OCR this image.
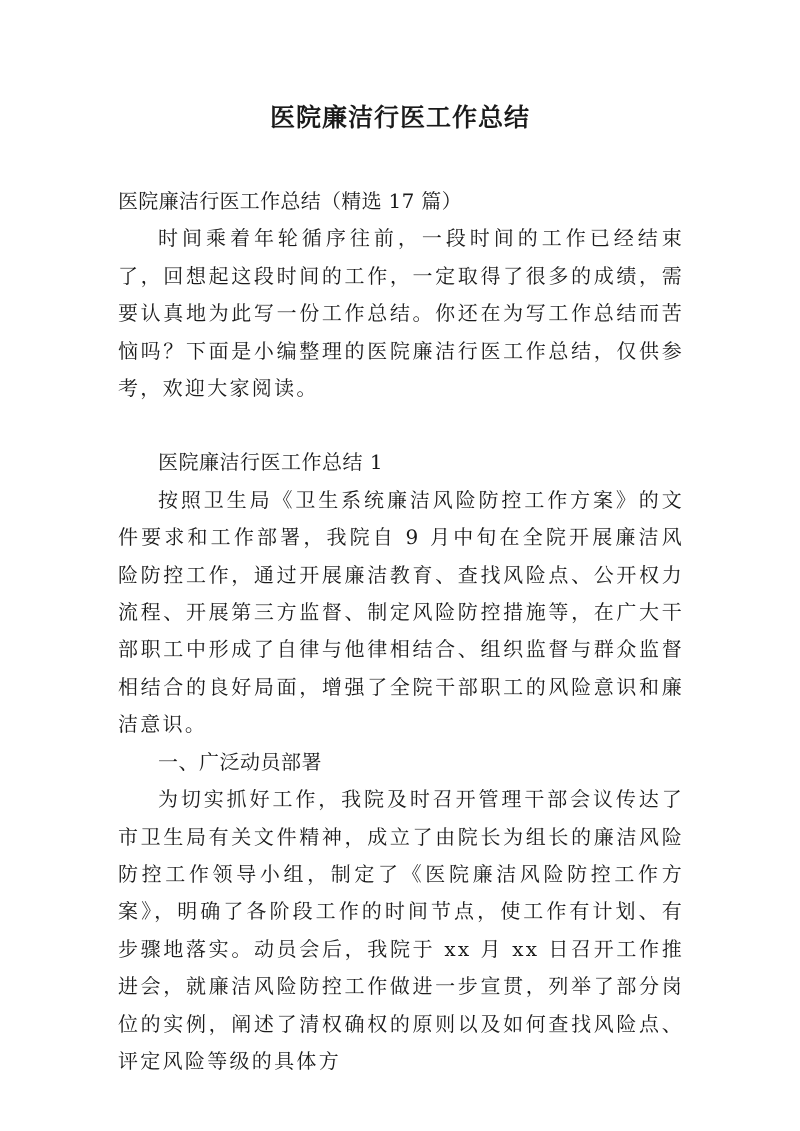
医院廉洁行医工作总结

医院廉洁行医工作总结（精选 17 篇）

时间乘着年轮循序往前，一段时间的工作已经结束了，回想起这段时间的工作，一定取得了很多的成绩，需要认真地为此写一份工作总结。你还在为写工作总结而苦恼吗？下面是小编整理的医院廉洁行医工作总结，仅供参考，欢迎大家阅读。

医院廉洁行医工作总结 1

按照卫生局《卫生系统廉洁风险防控工作方案》的文件要求和工作部署，我院自 9 月中旬在全院开展廉洁风险防控工作，通过开展廉洁教育、查找风险点、公开权力流程、开展第三方监督、制定风险防控措施等，在广大干部职工中形成了自律与他律相结合、组织监督与群众监督相结合的良好局面，增强了全院干部职工的风险意识和廉洁意识。

一、广泛动员部署

为切实抓好工作，我院及时召开管理干部会议传达了市卫生局有关文件精神，成立了由院长为组长的廉洁风险防控工作领导小组，制定了《医院廉洁风险防控工作方案》，明确了各阶段工作的时间节点，使工作有计划、有步骤地落实。动员会后，我院于 xx 月 xx 日召开工作推进会，就廉洁风险防控工作做进一步宣贯，列举了部分岗位的实例，阐述了清权确权的原则以及如何查找风险点、评定风险等级的具体方
